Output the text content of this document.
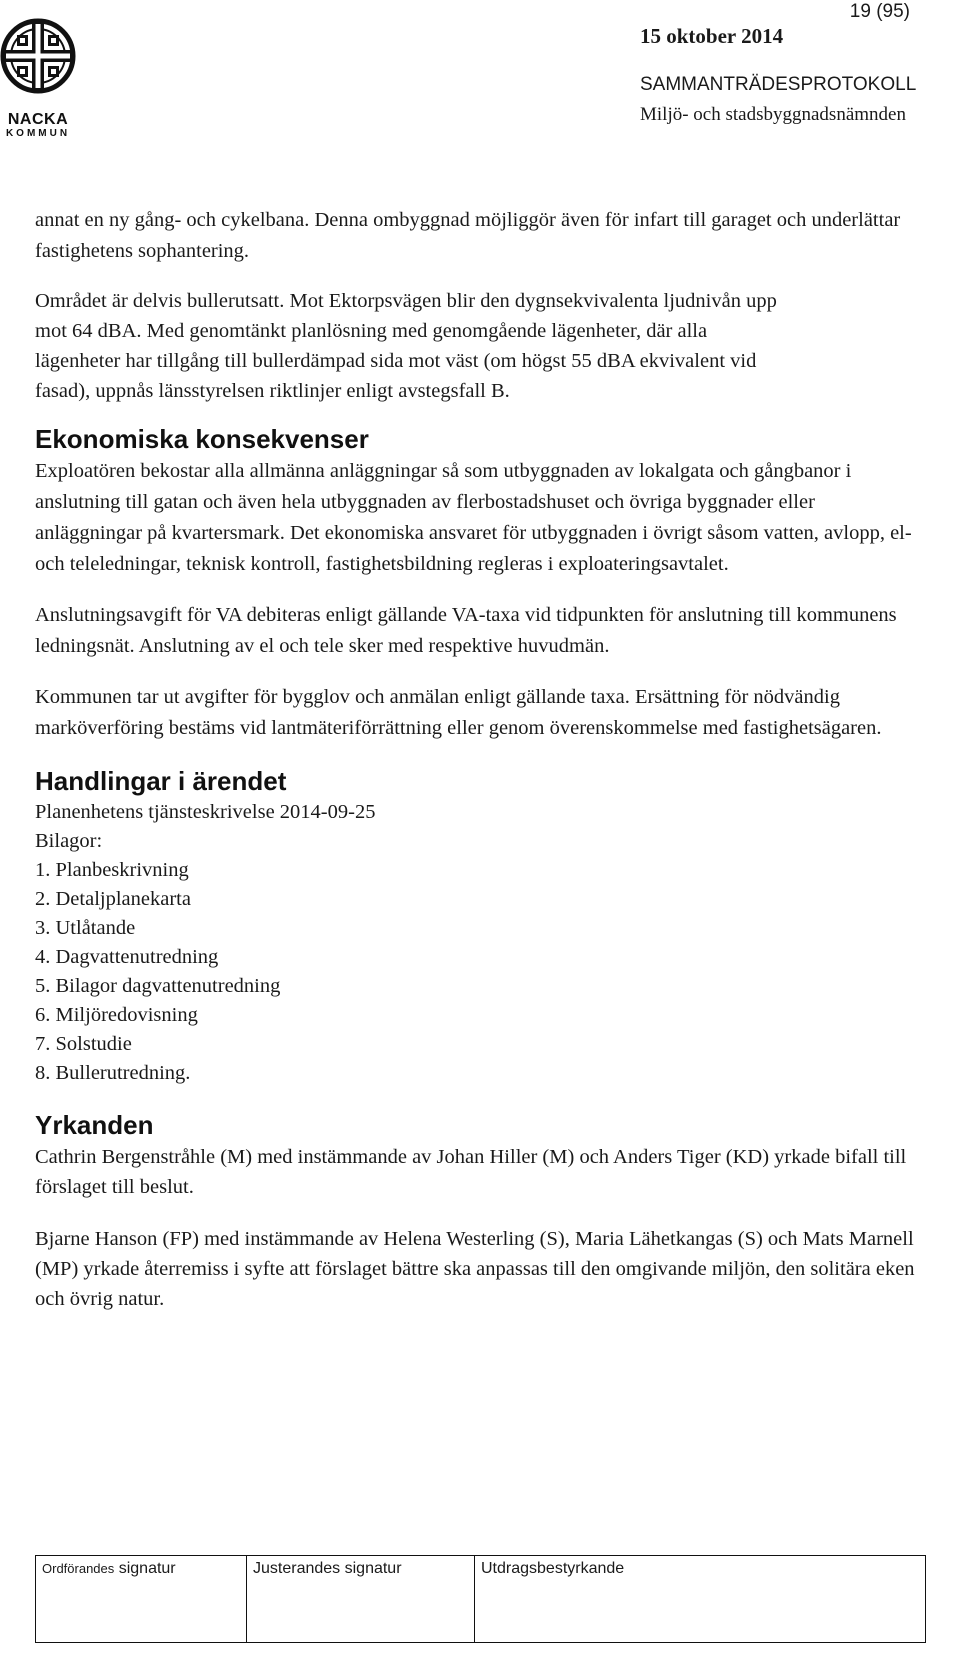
NACKA
KOMMUN
19 (95)
15 oktober 2014
SAMMANTRÄDESPROTOKOLL
Miljö- och stadsbyggnadsnämnden

annat en ny gång- och cykelbana. Denna ombyggnad möjliggör även för infart till garaget och underlättar fastighetens sophantering.

Området är delvis bullerutsatt. Mot Ektorpsvägen blir den dygnsekvivalenta ljudnivån upp

mot 64 dBA. Med genomtänkt planlösning med genomgående lägenheter, där alla

lägenheter har tillgång till bullerdämpad sida mot väst (om högst 55 dBA ekvivalent vid

fasad), uppnås länsstyrelsen riktlinjer enligt avstegsfall B.

Ekonomiska konsekvenser

Exploatören bekostar alla allmänna anläggningar så som utbyggnaden av lokalgata och gångbanor i anslutning till gatan och även hela utbyggnaden av flerbostadshuset och övriga byggnader eller anläggningar på kvartersmark. Det ekonomiska ansvaret för utbyggnaden i övrigt såsom vatten, avlopp, el- och teleledningar, teknisk kontroll, fastighetsbildning regleras i exploateringsavtalet.

Anslutningsavgift för VA debiteras enligt gällande VA-taxa vid tidpunkten för anslutning till kommunens ledningsnät. Anslutning av el och tele sker med respektive huvudmän.

Kommunen tar ut avgifter för bygglov och anmälan enligt gällande taxa. Ersättning för nödvändig marköverföring bestäms vid lantmäteriförrättning eller genom överenskommelse med fastighetsägaren.

Handlingar i ärendet
Planenhetens tjänsteskrivelse 2014-09-25
Bilagor:
1. Planbeskrivning
2. Detaljplanekarta
3. Utlåtande
4. Dagvattenutredning
5. Bilagor dagvattenutredning
6. Miljöredovisning
7. Solstudie
8. Bullerutredning.
Yrkanden

Cathrin Bergenstråhle (M) med instämmande av Johan Hiller (M) och Anders Tiger (KD) yrkade bifall till förslaget till beslut.

Bjarne Hanson (FP) med instämmande av Helena Westerling (S), Maria Lähetkangas (S) och Mats Marnell (MP) yrkade återremiss i syfte att förslaget bättre ska anpassas till den omgivande miljön, den solitära eken och övrig natur.

Ordförandes signatur	Justerandes signatur	Utdragsbestyrkande
